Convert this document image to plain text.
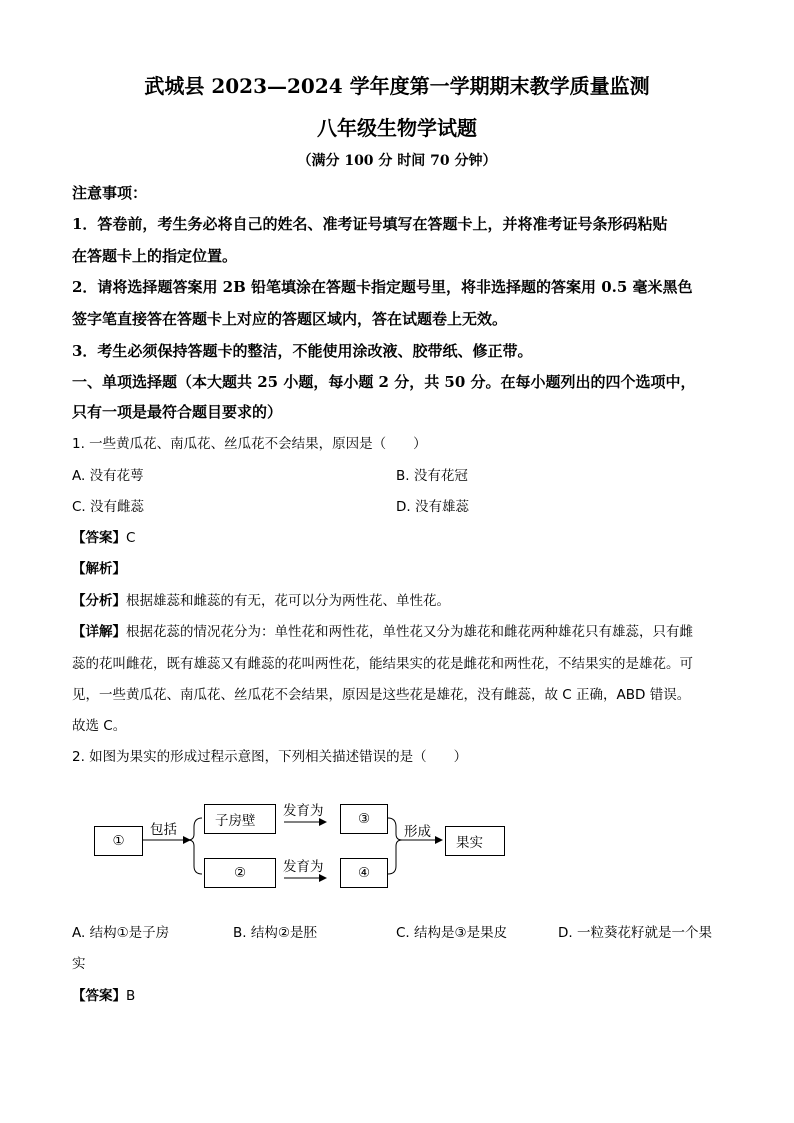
武城县 2023—2024 学年度第一学期期末教学质量监测
八年级生物学试题
（满分 100 分 时间 70 分钟）
注意事项：
1．答卷前，考生务必将自己的姓名、准考证号填写在答题卡上，并将准考证号条形码粘贴
在答题卡上的指定位置。
2．请将选择题答案用 2B 铅笔填涂在答题卡指定题号里，将非选择题的答案用 0.5 毫米黑色
签字笔直接答在答题卡上对应的答题区域内，答在试题卷上无效。
3．考生必须保持答题卡的整洁，不能使用涂改液、胶带纸、修正带。
一、单项选择题（本大题共 25 小题，每小题 2 分，共 50 分。在每小题列出的四个选项中，
只有一项是最符合题目要求的）
1. 一些黄瓜花、南瓜花、丝瓜花不会结果，原因是（　　）
A. 没有花萼	B. 没有花冠
C. 没有雌蕊	D. 没有雄蕊
【答案】C
【解析】
【分析】根据雄蕊和雌蕊的有无，花可以分为两性花、单性花。
【详解】根据花蕊的情况花分为：单性花和两性花，单性花又分为雄花和雌花两种雄花只有雄蕊，只有雌
蕊的花叫雌花，既有雄蕊又有雌蕊的花叫两性花，能结果实的花是雌花和两性花，不结果实的是雄花。可
见，一些黄瓜花、南瓜花、丝瓜花不会结果，原因是这些花是雄花，没有雌蕊，故 C 正确，ABD 错误。
故选 C。
2. 如图为果实的形成过程示意图，下列相关描述错误的是（　　）
①
包括
子房壁
②
发育为
发育为
③
④
形成
果实
A. 结构①是子房	B. 结构②是胚	C. 结构是③是果皮	D. 一粒葵花籽就是一个果
实
【答案】B
